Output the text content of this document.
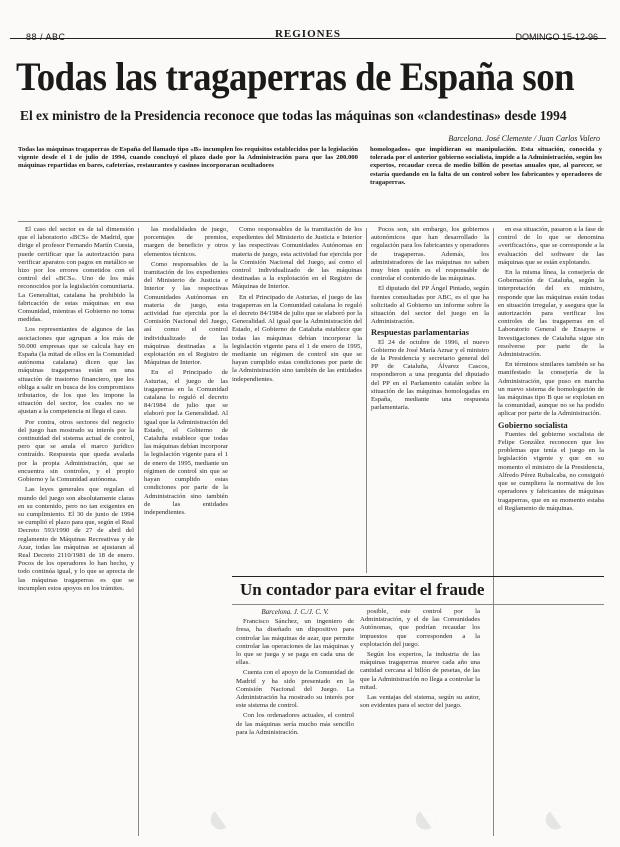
88 / ABC	REGIONES	DOMINGO 15-12-96
Todas las tragaperras de España son
El ex ministro de la Presidencia reconoce que todas las máquinas son «clandestinas» desde 1994
Barcelona. José Clemente / Juan Carlos Valero
Todas las máquinas tragaperras de España del llamado tipo «B» incumplen los requisitos establecidos por la legislación vigente desde el 1 de julio de 1994, cuando concluyó el plazo dado por la Administración para que las 200.000 máquinas repartidas en bares, cafeterías, restaurantes y casinos incorporaran ocultadores
homologados» que impidieran su manipulación. Esta situación, conocida y tolerada por el anterior gobierno socialista, impide a la Administración, según los expertos, recaudar cerca de medio billón de pesetas anuales que, al parecer, se estaría quedando en la falta de un control sobre los fabricantes y operadores de tragaperras.

El caso del sector es de tal dimensión que el laboratorio «BCS» de Madrid, que dirige el profesor Fernando Martín Cuesta, puede certificar que la autorización para verificar aparatos con pagos en metálico se hizo por los errores cometidos con el control del «BCS». Uno de los más reconocidos por la legislación comunitaria. La Generalitat, catalana ha prohibido la fabricación de estas máquinas en esa Comunidad, mientras el Gobierno no toma medidas.

Los representantes de algunos de las asociaciones que agrupan a los más de 50.000 empresas que se calcula hay en España (la mitad de ellos en la Comunidad autónoma catalana) dicen que las máquinas tragaperras están en una situación de trastorno financiero, que les obliga a salir en busca de los compromisos tributarios, de los que les impone la situación del sector, los cuales no se ajustan a la competencia ni llega el caso.

Por contra, otros sectores del negocio del juego han mostrado su interés por la continuidad del sistema actual de control, pero que se anula el marco jurídico contraído. Respuesta que queda avalada por la propia Administración, que se encuentra sin controles, y el propio Gobierno y la Comunidad autónoma.

Las leyes generales que regulan el mundo del juego son absolutamente claras en su contenido, pero no tan exigentes en su cumplimiento. El 30 de junio de 1994 se cumplió el plazo para que, según el Real Decreto 593/1990 de 27 de abril del reglamento de Máquinas Recreativas y de Azar, todas las máquinas se ajustaran al Real Decreto 2110/1981 de 18 de enero. Pocos de los operadores lo han hecho, y todo continúa igual, y lo que se aprecia de las máquinas tragaperras es que se incumplen estos apoyos en los trámites.

las modalidades de juego, porcentajes de premios, margen de beneficio y otros elementos técnicos.

Como responsables de la tramitación de los expedientes del Ministerio de Justicia e Interior y las respectivas Comunidades Autónomas en materia de juego, esta actividad fue ejercida por la Comisión Nacional del Juego, así como el control individualizado de las máquinas destinadas a la explotación en el Registro de Máquinas de Interior.

En el Principado de Asturias, el juego de las tragaperras en la Comunidad catalana lo reguló el decreto 84/1984 de julio que se elaboró por la Generalidad. Al igual que la Administración del Estado, el Gobierno de Cataluña establece que todas las máquinas debían incorporar la legislación vigente para el 1 de enero de 1995, mediante un régimen de control sin que se hayan cumplido estas condiciones por parte de la Administración sino también de las entidades independientes.

Como responsables de la tramitación de los expedientes del Ministerio de Justicia e Interior y las respectivas Comunidades Autónomas en materia de juego, esta actividad fue ejercida por la Comisión Nacional del Juego, así como el control individualizado de las máquinas destinadas a la explotación en el Registro de Máquinas de Interior.

En el Principado de Asturias, el juego de las tragaperras en la Comunidad catalana lo reguló el decreto 84/1984 de julio que se elaboró por la Generalidad. Al igual que la Administración del Estado, el Gobierno de Cataluña establece que todas las máquinas debían incorporar la legislación vigente para el 1 de enero de 1995, mediante un régimen de control sin que se hayan cumplido estas condiciones por parte de la Administración sino también de las entidades independientes.

Pocos son, sin embargo, los gobiernos autonómicos que han desarrollado la regulación para los fabricantes y operadores de tragaperras. Además, los administradores de las máquinas no saben muy bien quién es el responsable de controlar el contenido de las máquinas.

El diputado del PP Ángel Pintado, según fuentes consultadas por ABC, es el que ha solicitado al Gobierno un informe sobre la situación del sector del juego en la Administración.

Respuestas parlamentarias

El 24 de octubre de 1996, el nuevo Gobierno de José María Aznar y el ministro de la Presidencia y secretario general del PP de Cataluña, Álvarez Cascos, respondieron a una pregunta del diputado del PP en el Parlamento catalán sobre la situación de las máquinas homologadas en España, mediante una respuesta parlamentaria.

en esa situación, pasaron a la fase de control de lo que se denomina «verificación», que se corresponde a la evaluación del software de las máquinas que se están explotando.

En la misma línea, la consejería de Gobernación de Cataluña, según la interpretación del ex ministro, responde que las máquinas están todas en situación irregular, y asegura que la autorización para verificar los controles de las tragaperras en el Laboratorio General de Ensayos e Investigaciones de Cataluña sigue sin resolverse por parte de la Administración.

En términos similares también se ha manifestado la consejería de la Administración, que puso en marcha un nuevo sistema de homologación de las máquinas tipo B que se explotan en la comunidad, aunque no se ha podido aplicar por parte de la Administración.

Gobierno socialista

Fuentes del gobierno socialista de Felipe González reconocen que los problemas que tenía el juego en la legislación vigente y que en su momento el ministro de la Presidencia, Alfredo Pérez Rubalcaba, no consiguió que se cumpliera la normativa de los operadores y fabricantes de máquinas tragaperras, que en su momento estaba el Reglamento de máquinas.

Un contador para evitar el fraude

Barcelona. J. C./J. C. V.

Francisco Sánchez, un ingeniero de fresa, ha diseñado un dispositivo para controlar las máquinas de azar, que permite controlar las operaciones de las máquinas y lo que se juega y se paga en cada una de ellas.

Cuenta con el apoyo de la Comunidad de Madrid y ha sido presentado en la Comisión Nacional del Juego. La Administración ha mostrado su interés por este sistema de control.

Con los ordenadores actuales, el control de las máquinas sería mucho más sencillo para la Administración.

posible, este control por la Administración, y el de las Comunidades Autónomas, que podrían recaudar los impuestos que corresponden a la explotación del juego.

Según los expertos, la industria de las máquinas tragaperras mueve cada año una cantidad cercana al billón de pesetas, de las que la Administración no llega a controlar la mitad.

Las ventajas del sistema, según su autor, son evidentes para el sector del juego.

◐	◐ ◐
